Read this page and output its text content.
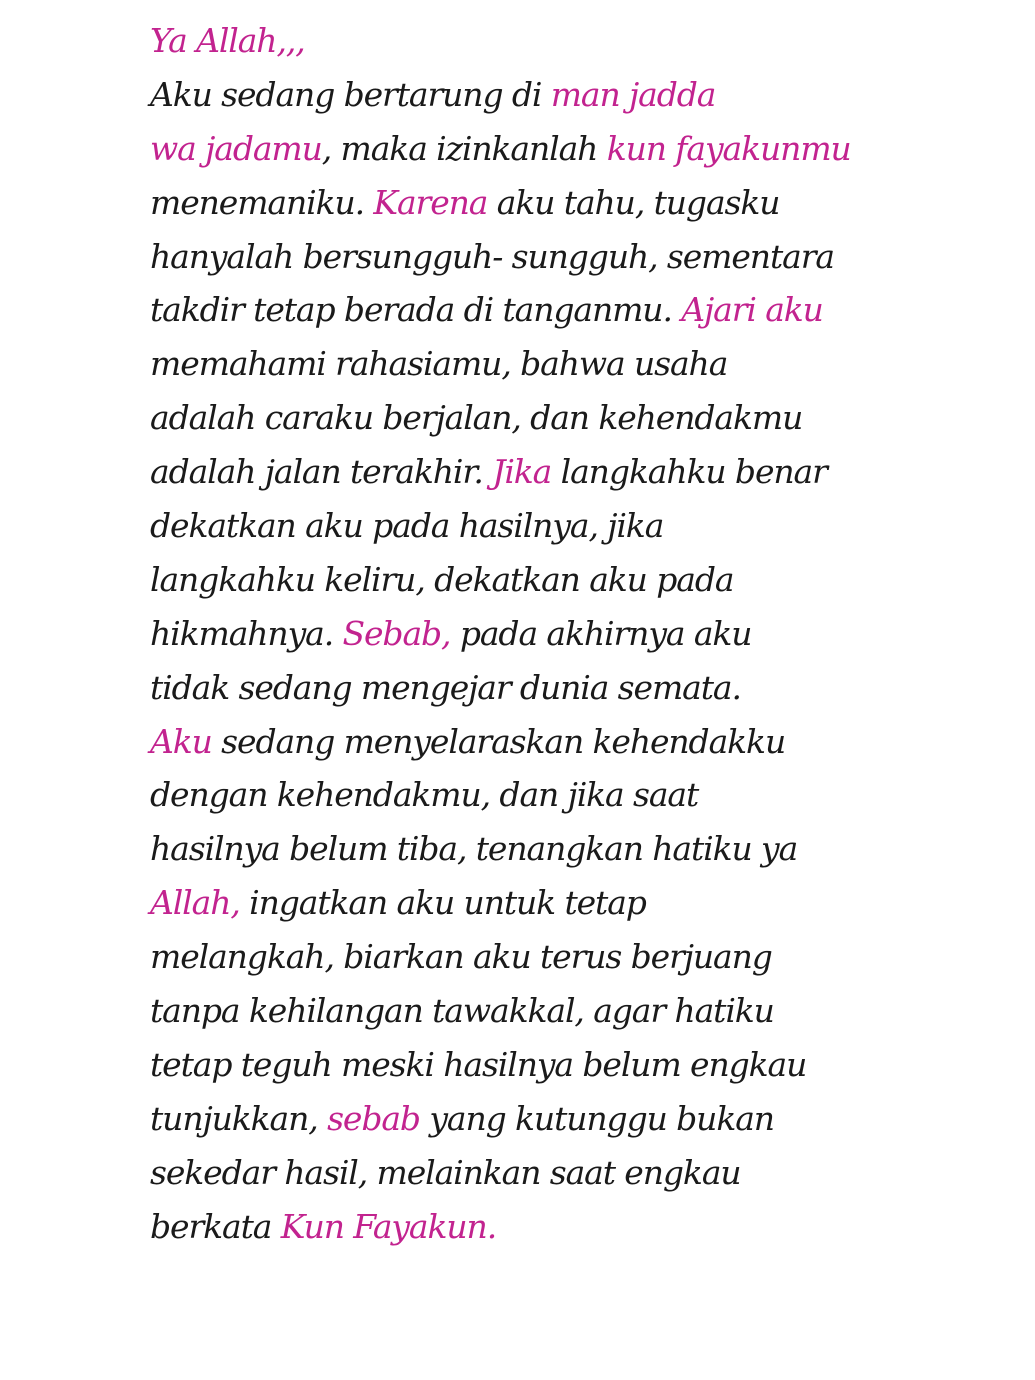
Ya Allah,,,
Aku sedang bertarung di man jadda
wa jadamu, maka izinkanlah kun fayakunmu
menemaniku. Karena aku tahu, tugasku
hanyalah bersungguh- sungguh, sementara
takdir tetap berada di tanganmu. Ajari aku
memahami rahasiamu, bahwa usaha
adalah caraku berjalan, dan kehendakmu
adalah jalan terakhir. Jika langkahku benar
dekatkan aku pada hasilnya, jika
langkahku keliru, dekatkan aku pada
hikmahnya. Sebab, pada akhirnya aku
tidak sedang mengejar dunia semata.
Aku sedang menyelaraskan kehendakku
dengan kehendakmu, dan jika saat
hasilnya belum tiba, tenangkan hatiku ya
Allah, ingatkan aku untuk tetap
melangkah, biarkan aku terus berjuang
tanpa kehilangan tawakkal, agar hatiku
tetap teguh meski hasilnya belum engkau
tunjukkan, sebab yang kutunggu bukan
sekedar hasil, melainkan saat engkau
berkata Kun Fayakun.
